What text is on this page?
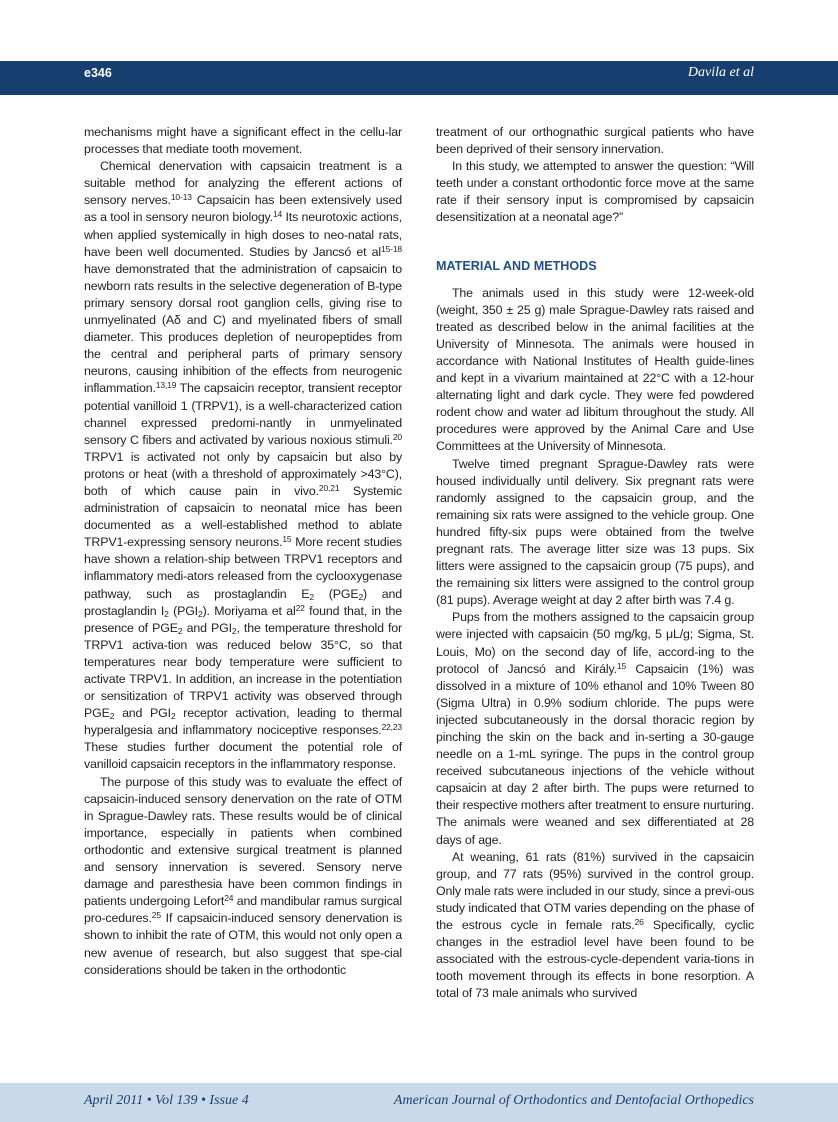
e346	Davila et al

mechanisms might have a significant effect in the cellu-lar processes that mediate tooth movement.

Chemical denervation with capsaicin treatment is a suitable method for analyzing the efferent actions of sensory nerves.$^{10-13}$ Capsaicin has been extensively used as a tool in sensory neuron biology.$^{14}$ Its neurotoxic actions, when applied systemically in high doses to neo-natal rats, have been well documented. Studies by Jancsó et $al^{15-18}$ have demonstrated that the administration of capsaicin to newborn rats results in the selective degeneration of B-type primary sensory dorsal root ganglion cells, giving rise to unmyelinated (Aδ and C) and myelinated fibers of small diameter. This produces depletion of neuropeptides from the central and peripheral parts of primary sensory neurons, causing inhibition of the effects from neurogenic inflammation.$^{13,19}$ The capsaicin receptor, transient receptor potential vanilloid 1 (TRPV1), is a well-characterized cation channel expressed predomi-nantly in unmyelinated sensory C fibers and activated by various noxious stimuli.$^{20}$ TRPV1 is activated not only by capsaicin but also by protons or heat (with a threshold of approximately >43°C), both of which cause pain in vivo.$^{20,21}$ Systemic administration of capsaicin to neonatal mice has been documented as a well-established method to ablate TRPV1-expressing sensory neurons.$^{15}$ More recent studies have shown a relation-ship between TRPV1 receptors and inflammatory medi-ators released from the cyclooxygenase pathway, such as prostaglandin $E_2$ $(PGE_2)$ and prostaglandin $I_2$ $(PGI_2)$. Moriyama et $al^{22}$ found that, in the presence of $PGE_2$ and $PGI_2$, the temperature threshold for TRPV1 activa-tion was reduced below 35°C, so that temperatures near body temperature were sufficient to activate TRPV1. In addition, an increase in the potentiation or sensitization of TRPV1 activity was observed through $PGE_2$ and $PGI_2$ receptor activation, leading to thermal hyperalgesia and inflammatory nociceptive responses.$^{22,23}$ These studies further document the potential role of vanilloid capsaicin receptors in the inflammatory response.

The purpose of this study was to evaluate the effect of capsaicin-induced sensory denervation on the rate of OTM in Sprague-Dawley rats. These results would be of clinical importance, especially in patients when combined orthodontic and extensive surgical treatment is planned and sensory innervation is severed. Sensory nerve damage and paresthesia have been common findings in patients undergoing Lefort$^{24}$ and mandibular ramus surgical pro-cedures.$^{25}$ If capsaicin-induced sensory denervation is shown to inhibit the rate of OTM, this would not only open a new avenue of research, but also suggest that spe-cial considerations should be taken in the orthodontic

treatment of our orthognathic surgical patients who have been deprived of their sensory innervation.

In this study, we attempted to answer the question: “Will teeth under a constant orthodontic force move at the same rate if their sensory input is compromised by capsaicin desensitization at a neonatal age?”

MATERIAL AND METHODS

The animals used in this study were 12-week-old (weight, 350 ± 25 g) male Sprague-Dawley rats raised and treated as described below in the animal facilities at the University of Minnesota. The animals were housed in accordance with National Institutes of Health guide-lines and kept in a vivarium maintained at 22°C with a 12-hour alternating light and dark cycle. They were fed powdered rodent chow and water ad libitum throughout the study. All procedures were approved by the Animal Care and Use Committees at the University of Minnesota.

Twelve timed pregnant Sprague-Dawley rats were housed individually until delivery. Six pregnant rats were randomly assigned to the capsaicin group, and the remaining six rats were assigned to the vehicle group. One hundred fifty-six pups were obtained from the twelve pregnant rats. The average litter size was 13 pups. Six litters were assigned to the capsaicin group (75 pups), and the remaining six litters were assigned to the control group (81 pups). Average weight at day 2 after birth was 7.4 g.

Pups from the mothers assigned to the capsaicin group were injected with capsaicin (50 mg/kg, 5 μL/g; Sigma, St. Louis, Mo) on the second day of life, accord-ing to the protocol of Jancsó and Király.$^{15}$ Capsaicin (1%) was dissolved in a mixture of 10% ethanol and 10% Tween 80 (Sigma Ultra) in 0.9% sodium chloride. The pups were injected subcutaneously in the dorsal thoracic region by pinching the skin on the back and in-serting a 30-gauge needle on a 1-mL syringe. The pups in the control group received subcutaneous injections of the vehicle without capsaicin at day 2 after birth. The pups were returned to their respective mothers after treatment to ensure nurturing. The animals were weaned and sex differentiated at 28 days of age.

At weaning, 61 rats (81%) survived in the capsaicin group, and 77 rats (95%) survived in the control group. Only male rats were included in our study, since a previ-ous study indicated that OTM varies depending on the phase of the estrous cycle in female rats.$^{26}$ Specifically, cyclic changes in the estradiol level have been found to be associated with the estrous-cycle-dependent varia-tions in tooth movement through its effects in bone resorption. A total of 73 male animals who survived

April 2011 • Vol 139 • Issue 4	American Journal of Orthodontics and Dentofacial Orthopedics
